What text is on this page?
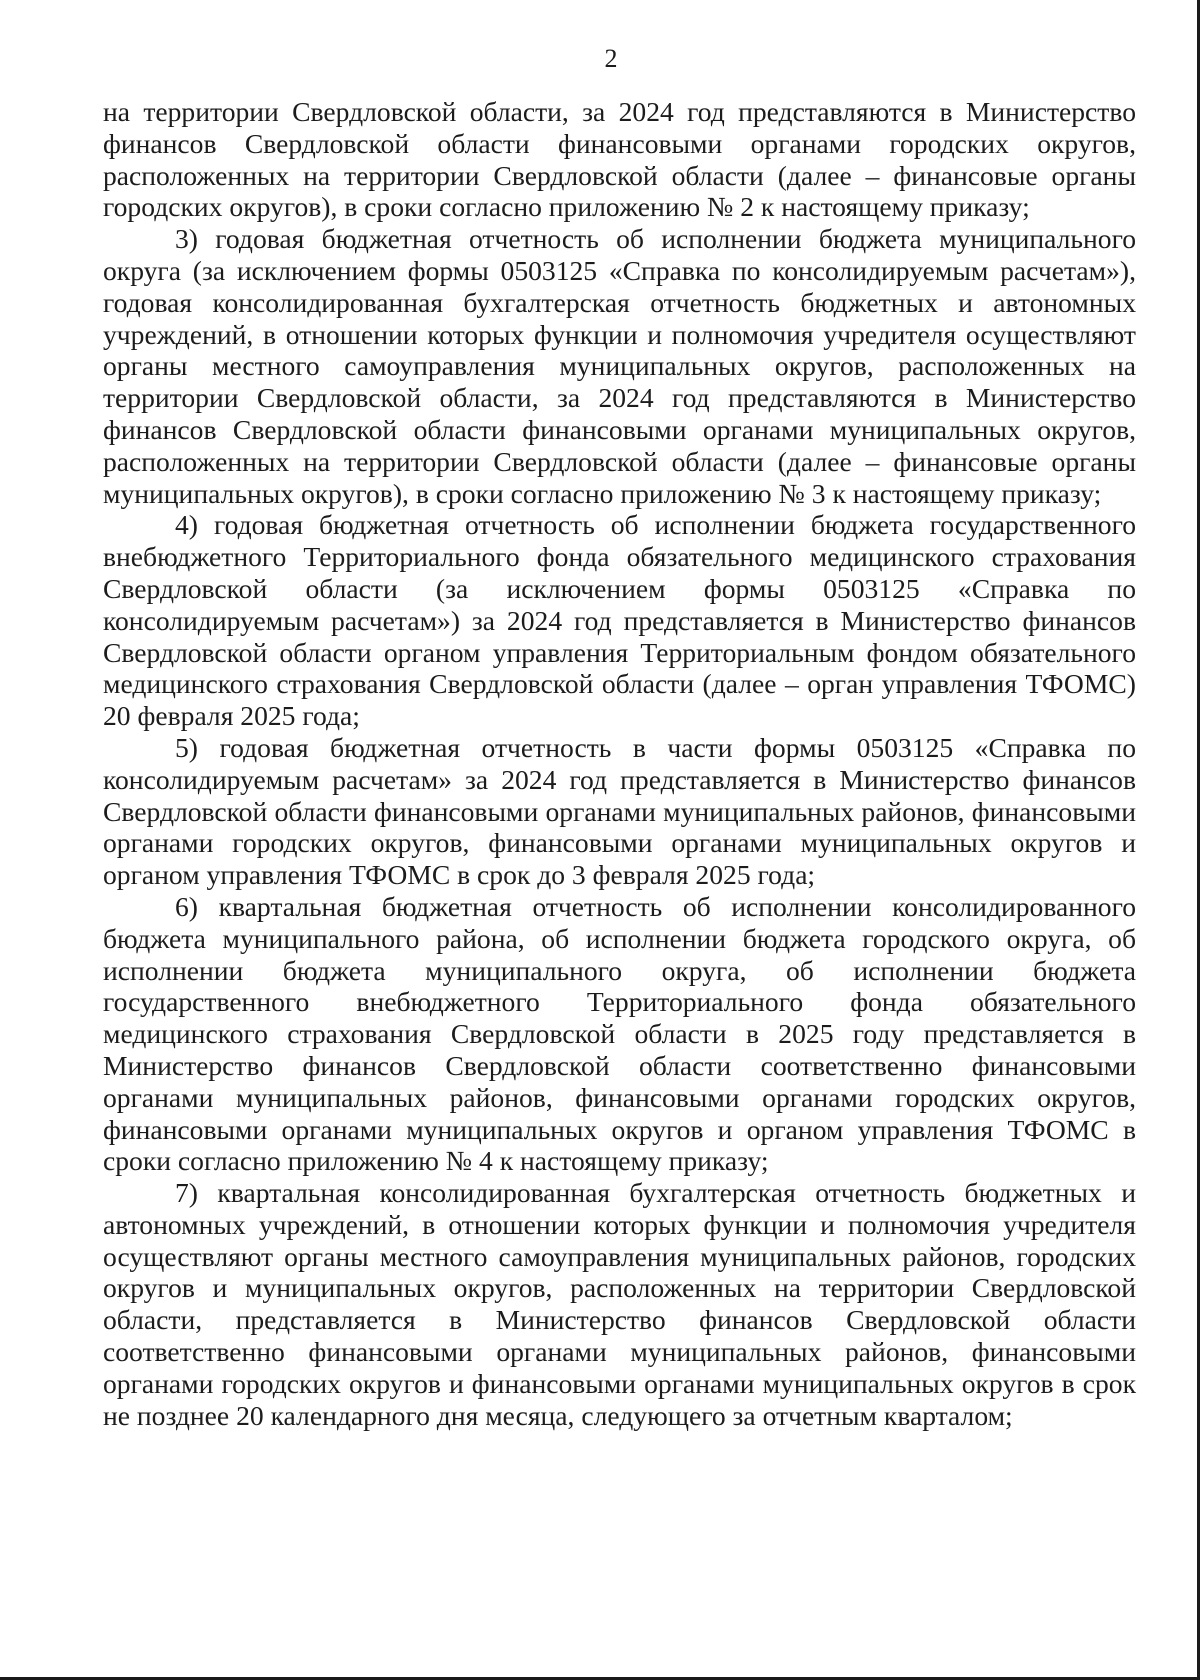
2

на территории Свердловской области, за 2024 год представляются в Министерство финансов Свердловской области финансовыми органами городских округов, расположенных на территории Свердловской области (далее – финансовые органы городских округов), в сроки согласно приложению № 2 к настоящему приказу;

3) годовая бюджетная отчетность об исполнении бюджета муниципального округа (за исключением формы 0503125 «Справка по консолидируемым расчетам»), годовая консолидированная бухгалтерская отчетность бюджетных и автономных учреждений, в отношении которых функции и полномочия учредителя осуществляют органы местного самоуправления муниципальных округов, расположенных на территории Свердловской области, за 2024 год представляются в Министерство финансов Свердловской области финансовыми органами муниципальных округов, расположенных на территории Свердловской области (далее – финансовые органы муниципальных округов), в сроки согласно приложению № 3 к настоящему приказу;

4) годовая бюджетная отчетность об исполнении бюджета государственного внебюджетного Территориального фонда обязательного медицинского страхования Свердловской области (за исключением формы 0503125 «Справка по консолидируемым расчетам») за 2024 год представляется в Министерство финансов Свердловской области органом управления Территориальным фондом обязательного медицинского страхования Свердловской области (далее – орган управления ТФОМС) 20 февраля 2025 года;

5) годовая бюджетная отчетность в части формы 0503125 «Справка по консолидируемым расчетам» за 2024 год представляется в Министерство финансов Свердловской области финансовыми органами муниципальных районов, финансовыми органами городских округов, финансовыми органами муниципальных округов и органом управления ТФОМС в срок до 3 февраля 2025 года;

6) квартальная бюджетная отчетность об исполнении консолидированного бюджета муниципального района, об исполнении бюджета городского округа, об исполнении бюджета муниципального округа, об исполнении бюджета государственного внебюджетного Территориального фонда обязательного медицинского страхования Свердловской области в 2025 году представляется в Министерство финансов Свердловской области соответственно финансовыми органами муниципальных районов, финансовыми органами городских округов, финансовыми органами муниципальных округов и органом управления ТФОМС в сроки согласно приложению № 4 к настоящему приказу;

7) квартальная консолидированная бухгалтерская отчетность бюджетных и автономных учреждений, в отношении которых функции и полномочия учредителя осуществляют органы местного самоуправления муниципальных районов, городских округов и муниципальных округов, расположенных на территории Свердловской области, представляется в Министерство финансов Свердловской области соответственно финансовыми органами муниципальных районов, финансовыми органами городских округов и финансовыми органами муниципальных округов в срок не позднее 20 календарного дня месяца, следующего за отчетным кварталом;
